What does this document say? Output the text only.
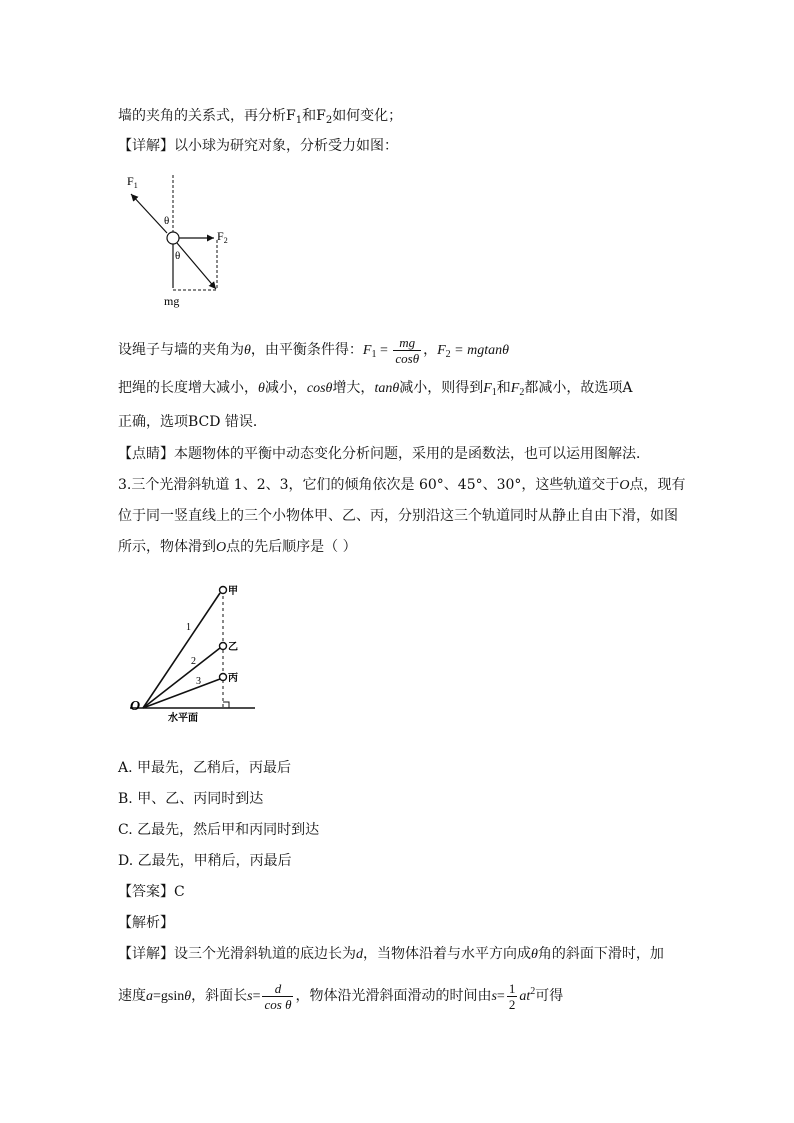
墙的夹角的关系式，再分析$F_1$和$F_2$如何变化；
【详解】以小球为研究对象，分析受力如图：
$F_1$
$F_2$
θ
θ
mg
设绳子与墙的夹角为θ，由平衡条件得：$F_1 = \frac{mg}{\cos\theta}$ ，$F_2 = mgtan\theta$
把绳的长度增大减小，θ减小，cosθ增大，tanθ减小，则得到$F_1$和$F_2$都减小，故选项A
正确，选项BCD 错误．
【点睛】本题物体的平衡中动态变化分析问题，采用的是函数法，也可以运用图解法．
3.三个光滑斜轨道 1、2、3，它们的倾角依次是 60°、45°、30°，这些轨道交于O点，现有
位于同一竖直线上的三个小物体甲、乙、丙，分别沿这三个轨道同时从静止自由下滑，如图
所示，物体滑到O点的先后顺序是（ ）
甲
乙
丙
1
2
3
O
水平面
A. 甲最先，乙稍后，丙最后
B. 甲、乙、丙同时到达
C. 乙最先，然后甲和丙同时到达
D. 乙最先，甲稍后，丙最后
【答案】C
【解析】
【详解】设三个光滑斜轨道的底边长为d，当物体沿着与水平方向成θ角的斜面下滑时，加
速度a=gsinθ，斜面长$s= \frac{d}{\text{cos θ}}$ ，物体沿光滑斜面滑动的时间由$s= \frac{1}{2} at^2$可得
